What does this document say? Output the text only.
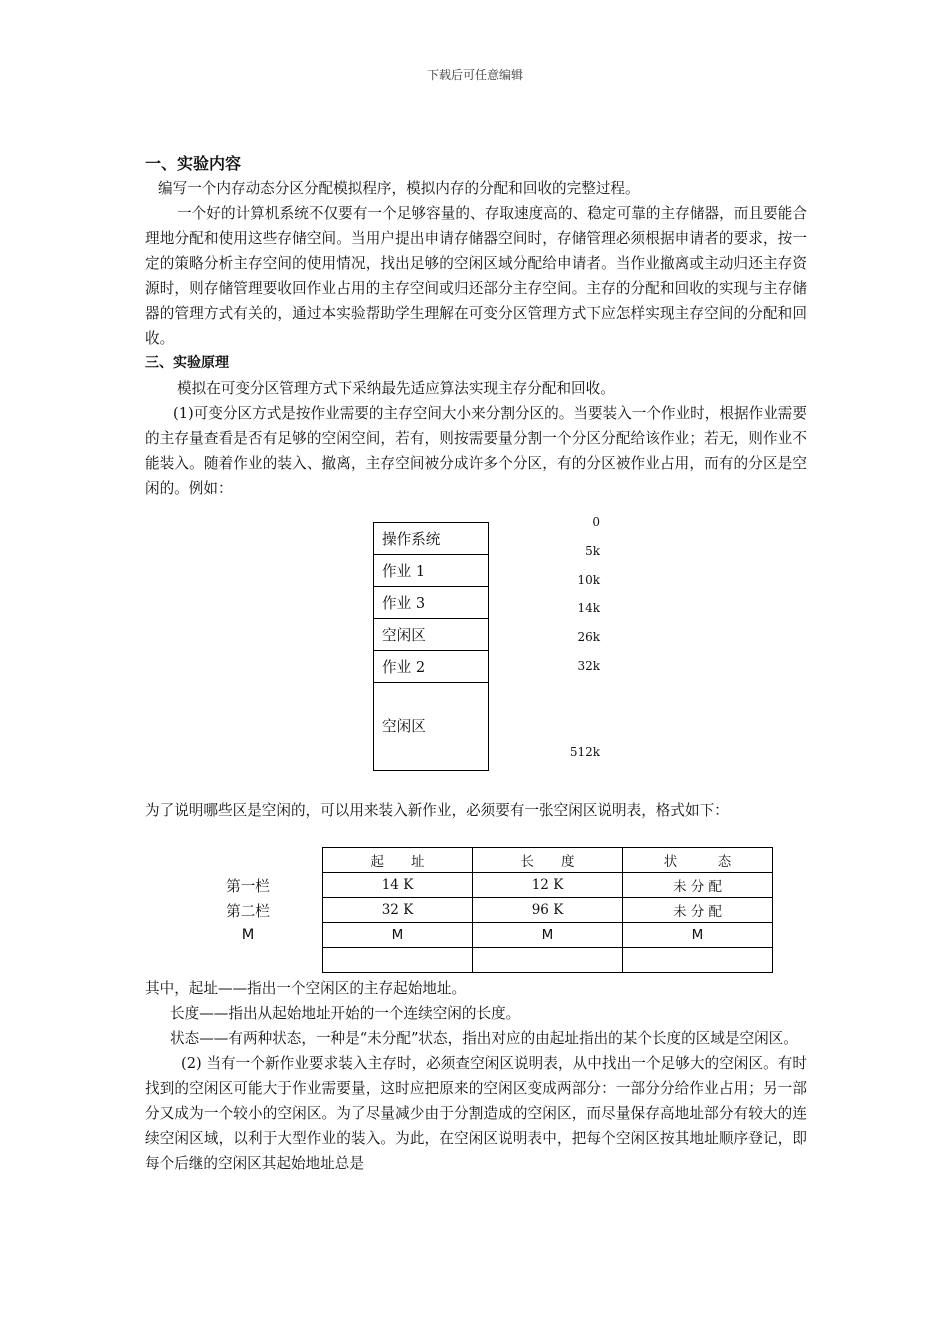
下载后可任意编辑
一、实验内容

编写一个内存动态分区分配模拟程序，模拟内存的分配和回收的完整过程。

一个好的计算机系统不仅要有一个足够容量的、存取速度高的、稳定可靠的主存储器，而且要能合理地分配和使用这些存储空间。当用户提出申请存储器空间时，存储管理必须根据申请者的要求，按一定的策略分析主存空间的使用情况，找出足够的空闲区域分配给申请者。当作业撤离或主动归还主存资源时，则存储管理要收回作业占用的主存空间或归还部分主存空间。主存的分配和回收的实现与主存储器的管理方式有关的，通过本实验帮助学生理解在可变分区管理方式下应怎样实现主存空间的分配和回收。

三、实验原理

模拟在可变分区管理方式下采纳最先适应算法实现主存分配和回收。

(1)可变分区方式是按作业需要的主存空间大小来分割分区的。当要装入一个作业时，根据作业需要的主存量查看是否有足够的空闲空间，若有，则按需要量分割一个分区分配给该作业；若无，则作业不能装入。随着作业的装入、撤离，主存空间被分成许多个分区，有的分区被作业占用，而有的分区是空闲的。例如：

操作系统
作业 1
作业 3
空闲区
作业 2
空闲区
0
5k
10k
14k
26k
32k
512k

为了说明哪些区是空闲的，可以用来装入新作业，必须要有一张空闲区说明表，格式如下：

第一栏
第二栏
M
起　　址	长　　度	状　　　态
14 K	12 K	未 分 配
32 K	96 K	未 分 配
M	M	M

其中，起址——指出一个空闲区的主存起始地址。

长度——指出从起始地址开始的一个连续空闲的长度。

状态——有两种状态，一种是“未分配”状态，指出对应的由起址指出的某个长度的区域是空闲区。

(2) 当有一个新作业要求装入主存时，必须查空闲区说明表，从中找出一个足够大的空闲区。有时找到的空闲区可能大于作业需要量，这时应把原来的空闲区变成两部分：一部分分给作业占用；另一部分又成为一个较小的空闲区。为了尽量减少由于分割造成的空闲区，而尽量保存高地址部分有较大的连续空闲区域，以利于大型作业的装入。为此，在空闲区说明表中，把每个空闲区按其地址顺序登记，即每个后继的空闲区其起始地址总是
